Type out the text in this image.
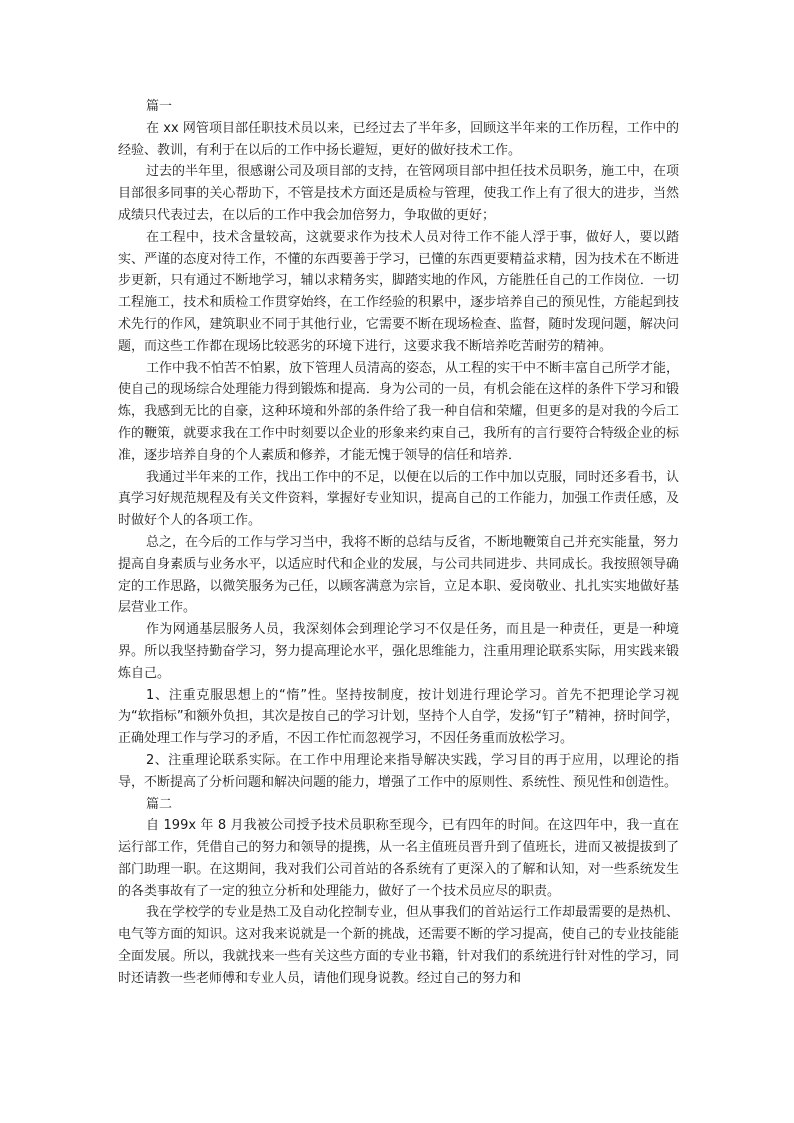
篇一

在 xx 网管项目部任职技术员以来，已经过去了半年多，回顾这半年来的工作历程，工作中的经验、教训，有利于在以后的工作中扬长避短，更好的做好技术工作。

过去的半年里，很感谢公司及项目部的支持，在管网项目部中担任技术员职务，施工中，在项目部很多同事的关心帮助下，不管是技术方面还是质检与管理，使我工作上有了很大的进步，当然成绩只代表过去，在以后的工作中我会加倍努力，争取做的更好；

在工程中，技术含量较高，这就要求作为技术人员对待工作不能人浮于事，做好人，要以踏实、严谨的态度对待工作，不懂的东西要善于学习，已懂的东西更要精益求精，因为技术在不断进步更新，只有通过不断地学习，辅以求精务实，脚踏实地的作风，方能胜任自己的工作岗位．一切工程施工，技术和质检工作贯穿始终，在工作经验的积累中，逐步培养自己的预见性，方能起到技术先行的作风，建筑职业不同于其他行业，它需要不断在现场检查、监督，随时发现问题，解决问题，而这些工作都在现场比较恶劣的环境下进行，这要求我不断培养吃苦耐劳的精神。

工作中我不怕苦不怕累，放下管理人员清高的姿态，从工程的实干中不断丰富自己所学才能，使自己的现场综合处理能力得到锻炼和提高．身为公司的一员，有机会能在这样的条件下学习和锻炼，我感到无比的自豪，这种环境和外部的条件给了我一种自信和荣耀，但更多的是对我的今后工作的鞭策，就要求我在工作中时刻要以企业的形象来约束自己，我所有的言行要符合特级企业的标准，逐步培养自身的个人素质和修养，才能无愧于领导的信任和培养．

我通过半年来的工作，找出工作中的不足，以便在以后的工作中加以克服，同时还多看书，认真学习好规范规程及有关文件资料，掌握好专业知识，提高自己的工作能力，加强工作责任感，及时做好个人的各项工作。

总之，在今后的工作与学习当中，我将不断的总结与反省，不断地鞭策自己并充实能量，努力提高自身素质与业务水平，以适应时代和企业的发展，与公司共同进步、共同成长。我按照领导确定的工作思路，以微笑服务为己任，以顾客满意为宗旨，立足本职、爱岗敬业、扎扎实实地做好基层营业工作。

作为网通基层服务人员，我深刻体会到理论学习不仅是任务，而且是一种责任，更是一种境界。所以我坚持勤奋学习，努力提高理论水平，强化思维能力，注重用理论联系实际，用实践来锻炼自己。

1、注重克服思想上的“惰”性。坚持按制度，按计划进行理论学习。首先不把理论学习视为“软指标”和额外负担，其次是按自己的学习计划，坚持个人自学，发扬“钉子”精神，挤时间学，正确处理工作与学习的矛盾，不因工作忙而忽视学习，不因任务重而放松学习。

2、注重理论联系实际。在工作中用理论来指导解决实践，学习目的再于应用，以理论的指导，不断提高了分析问题和解决问题的能力，增强了工作中的原则性、系统性、预见性和创造性。

篇二

自 199x 年 8 月我被公司授予技术员职称至现今，已有四年的时间。在这四年中，我一直在运行部工作，凭借自己的努力和领导的提携，从一名主值班员晋升到了值班长，进而又被提拔到了部门助理一职。在这期间，我对我们公司首站的各系统有了更深入的了解和认知，对一些系统发生的各类事故有了一定的独立分析和处理能力，做好了一个技术员应尽的职责。

我在学校学的专业是热工及自动化控制专业，但从事我们的首站运行工作却最需要的是热机、电气等方面的知识。这对我来说就是一个新的挑战，还需要不断的学习提高，使自己的专业技能能全面发展。所以，我就找来一些有关这些方面的专业书籍，针对我们的系统进行针对性的学习，同时还请教一些老师傅和专业人员，请他们现身说教。经过自己的努力和
